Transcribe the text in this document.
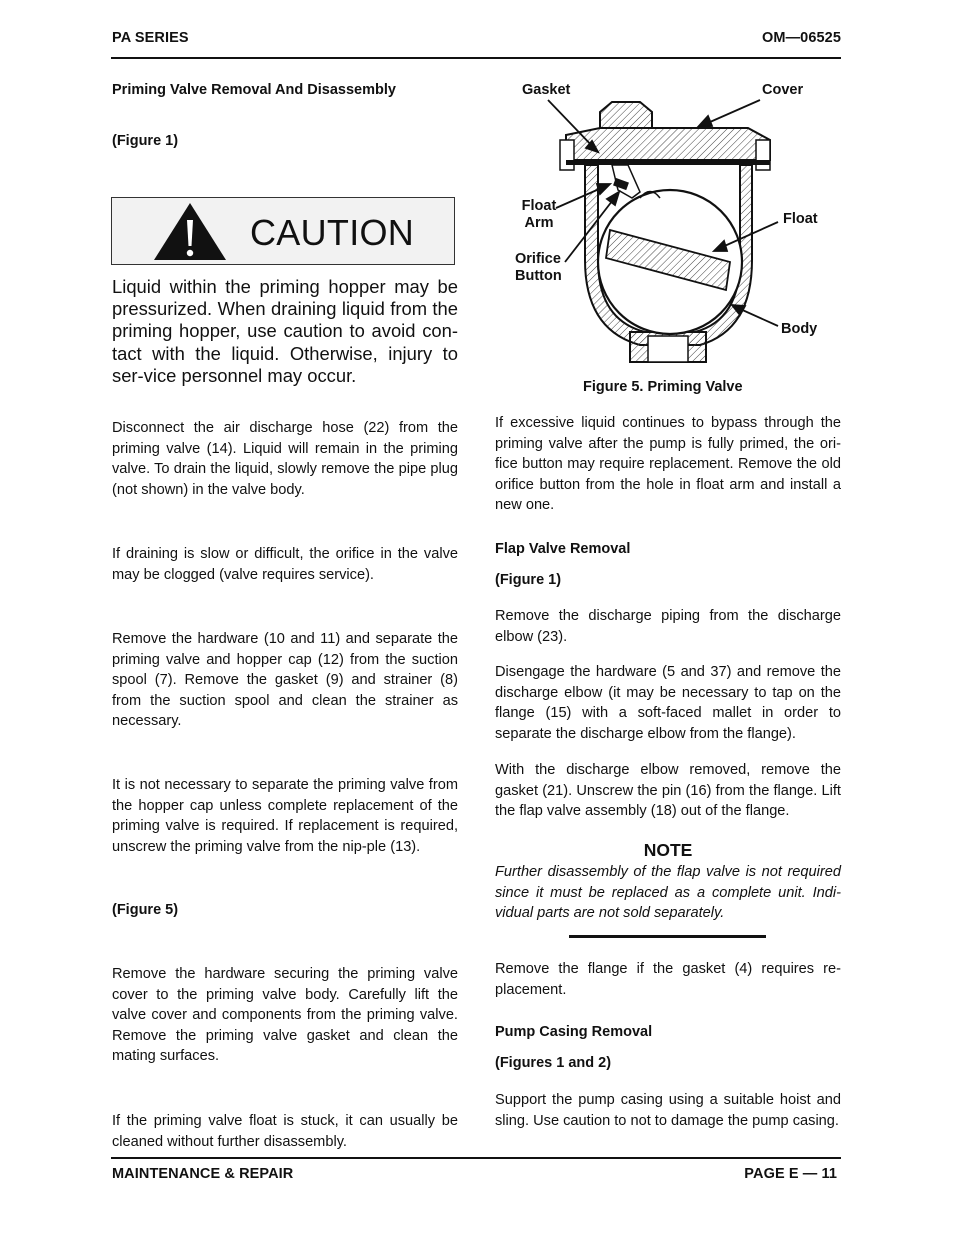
PA SERIES	OM—06525
Priming Valve Removal And Disassembly
(Figure 1)
CAUTION
Liquid within the priming hopper may be pressurized. When draining liquid from the priming hopper, use caution to avoid con-tact with the liquid. Otherwise, injury to ser-vice personnel may occur.
Disconnect the air discharge hose (22) from the priming valve (14). Liquid will remain in the priming valve. To drain the liquid, slowly remove the pipe plug (not shown) in the valve body.
If draining is slow or difficult, the orifice in the valve may be clogged (valve requires service).
Remove the hardware (10 and 11) and separate the priming valve and hopper cap (12) from the suction spool (7). Remove the gasket (9) and strainer (8) from the suction spool and clean the strainer as necessary.
It is not necessary to separate the priming valve from the hopper cap unless complete replacement of the priming valve is required. If replacement is required, unscrew the priming valve from the nip-ple (13).
(Figure 5)
Remove the hardware securing the priming valve cover to the priming valve body. Carefully lift the valve cover and components from the priming valve. Remove the priming valve gasket and clean the mating surfaces.
If the priming valve float is stuck, it can usually be cleaned without further disassembly.
Gasket	Cover
Float Arm	Float
Orifice Button
Body
Figure 5. Priming Valve
If excessive liquid continues to bypass through the priming valve after the pump is fully primed, the ori-fice button may require replacement. Remove the old orifice button from the hole in float arm and install a new one.
Flap Valve Removal
(Figure 1)
Remove the discharge piping from the discharge elbow (23).
Disengage the hardware (5 and 37) and remove the discharge elbow (it may be necessary to tap on the flange (15) with a soft-faced mallet in order to separate the discharge elbow from the flange).
With the discharge elbow removed, remove the gasket (21). Unscrew the pin (16) from the flange. Lift the flap valve assembly (18) out of the flange.
NOTE
Further disassembly of the flap valve is not required since it must be replaced as a complete unit. Indi-vidual parts are not sold separately.
Remove the flange if the gasket (4) requires re-placement.
Pump Casing Removal
(Figures 1 and 2)
Support the pump casing using a suitable hoist and sling. Use caution to not to damage the pump casing.
MAINTENANCE & REPAIR	PAGE E — 11
